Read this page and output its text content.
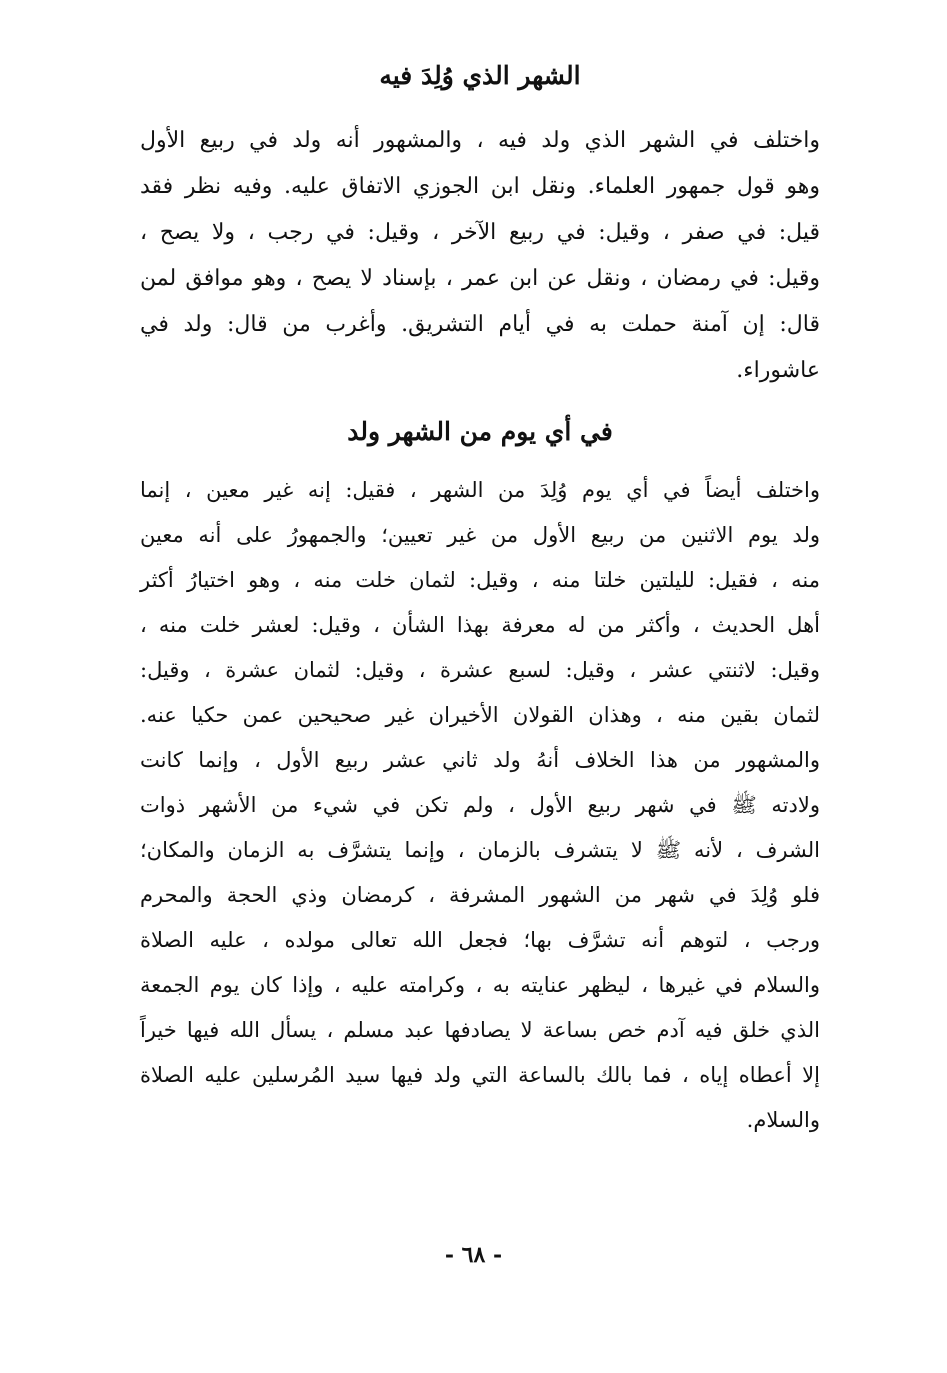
الشهر الذي وُلِدَ فيه
واختلف في الشهر الذي ولد فيه ، والمشهور أنه ولد في ربيع الأول
وهو قول جمهور العلماء. ونقل ابن الجوزي الاتفاق عليه. وفيه نظر فقد
قيل: في صفر ، وقيل: في ربيع الآخر ، وقيل: في رجب ، ولا يصح ،
وقيل: في رمضان ، ونقل عن ابن عمر ، بإسناد لا يصح ، وهو موافق لمن
قال: إن آمنة حملت به في أيام التشريق. وأغرب من قال: ولد في
عاشوراء.
في أي يوم من الشهر ولد
واختلف أيضاً في أي يوم وُلِدَ من الشهر ، فقيل: إنه غير معين ، إنما
ولد يوم الاثنين من ربيع الأول من غير تعيين؛ والجمهورُ على أنه معين
منه ، فقيل: لليلتين خلتا منه ، وقيل: لثمان خلت منه ، وهو اختيارُ أكثر
أهل الحديث ، وأكثر من له معرفة بهذا الشأن ، وقيل: لعشر خلت منه ،
وقيل: لاثنتي عشر ، وقيل: لسبع عشرة ، وقيل: لثمان عشرة ، وقيل:
لثمان بقين منه ، وهذان القولان الأخيران غير صحيحين عمن حكيا عنه.
والمشهور من هذا الخلاف أنهُ ولد ثاني عشر ربيع الأول ، وإنما كانت
ولادته ﷺ في شهر ربيع الأول ، ولم تكن في شيء من الأشهر ذوات
الشرف ، لأنه ﷺ لا يتشرف بالزمان ، وإنما يتشرَّف به الزمان والمكان؛
فلو وُلِدَ في شهر من الشهور المشرفة ، كرمضان وذي الحجة والمحرم
ورجب ، لتوهم أنه تشرَّف بها؛ فجعل الله تعالى مولده ، عليه الصلاة
والسلام في غيرها ، ليظهر عنايته به ، وكرامته عليه ، وإذا كان يوم الجمعة
الذي خلق فيه آدم خص بساعة لا يصادفها عبد مسلم ، يسأل الله فيها خيراً
إلا أعطاه إياه ، فما بالك بالساعة التي ولد فيها سيد المُرسلين عليه الصلاة
والسلام.
- ٦٨ -
